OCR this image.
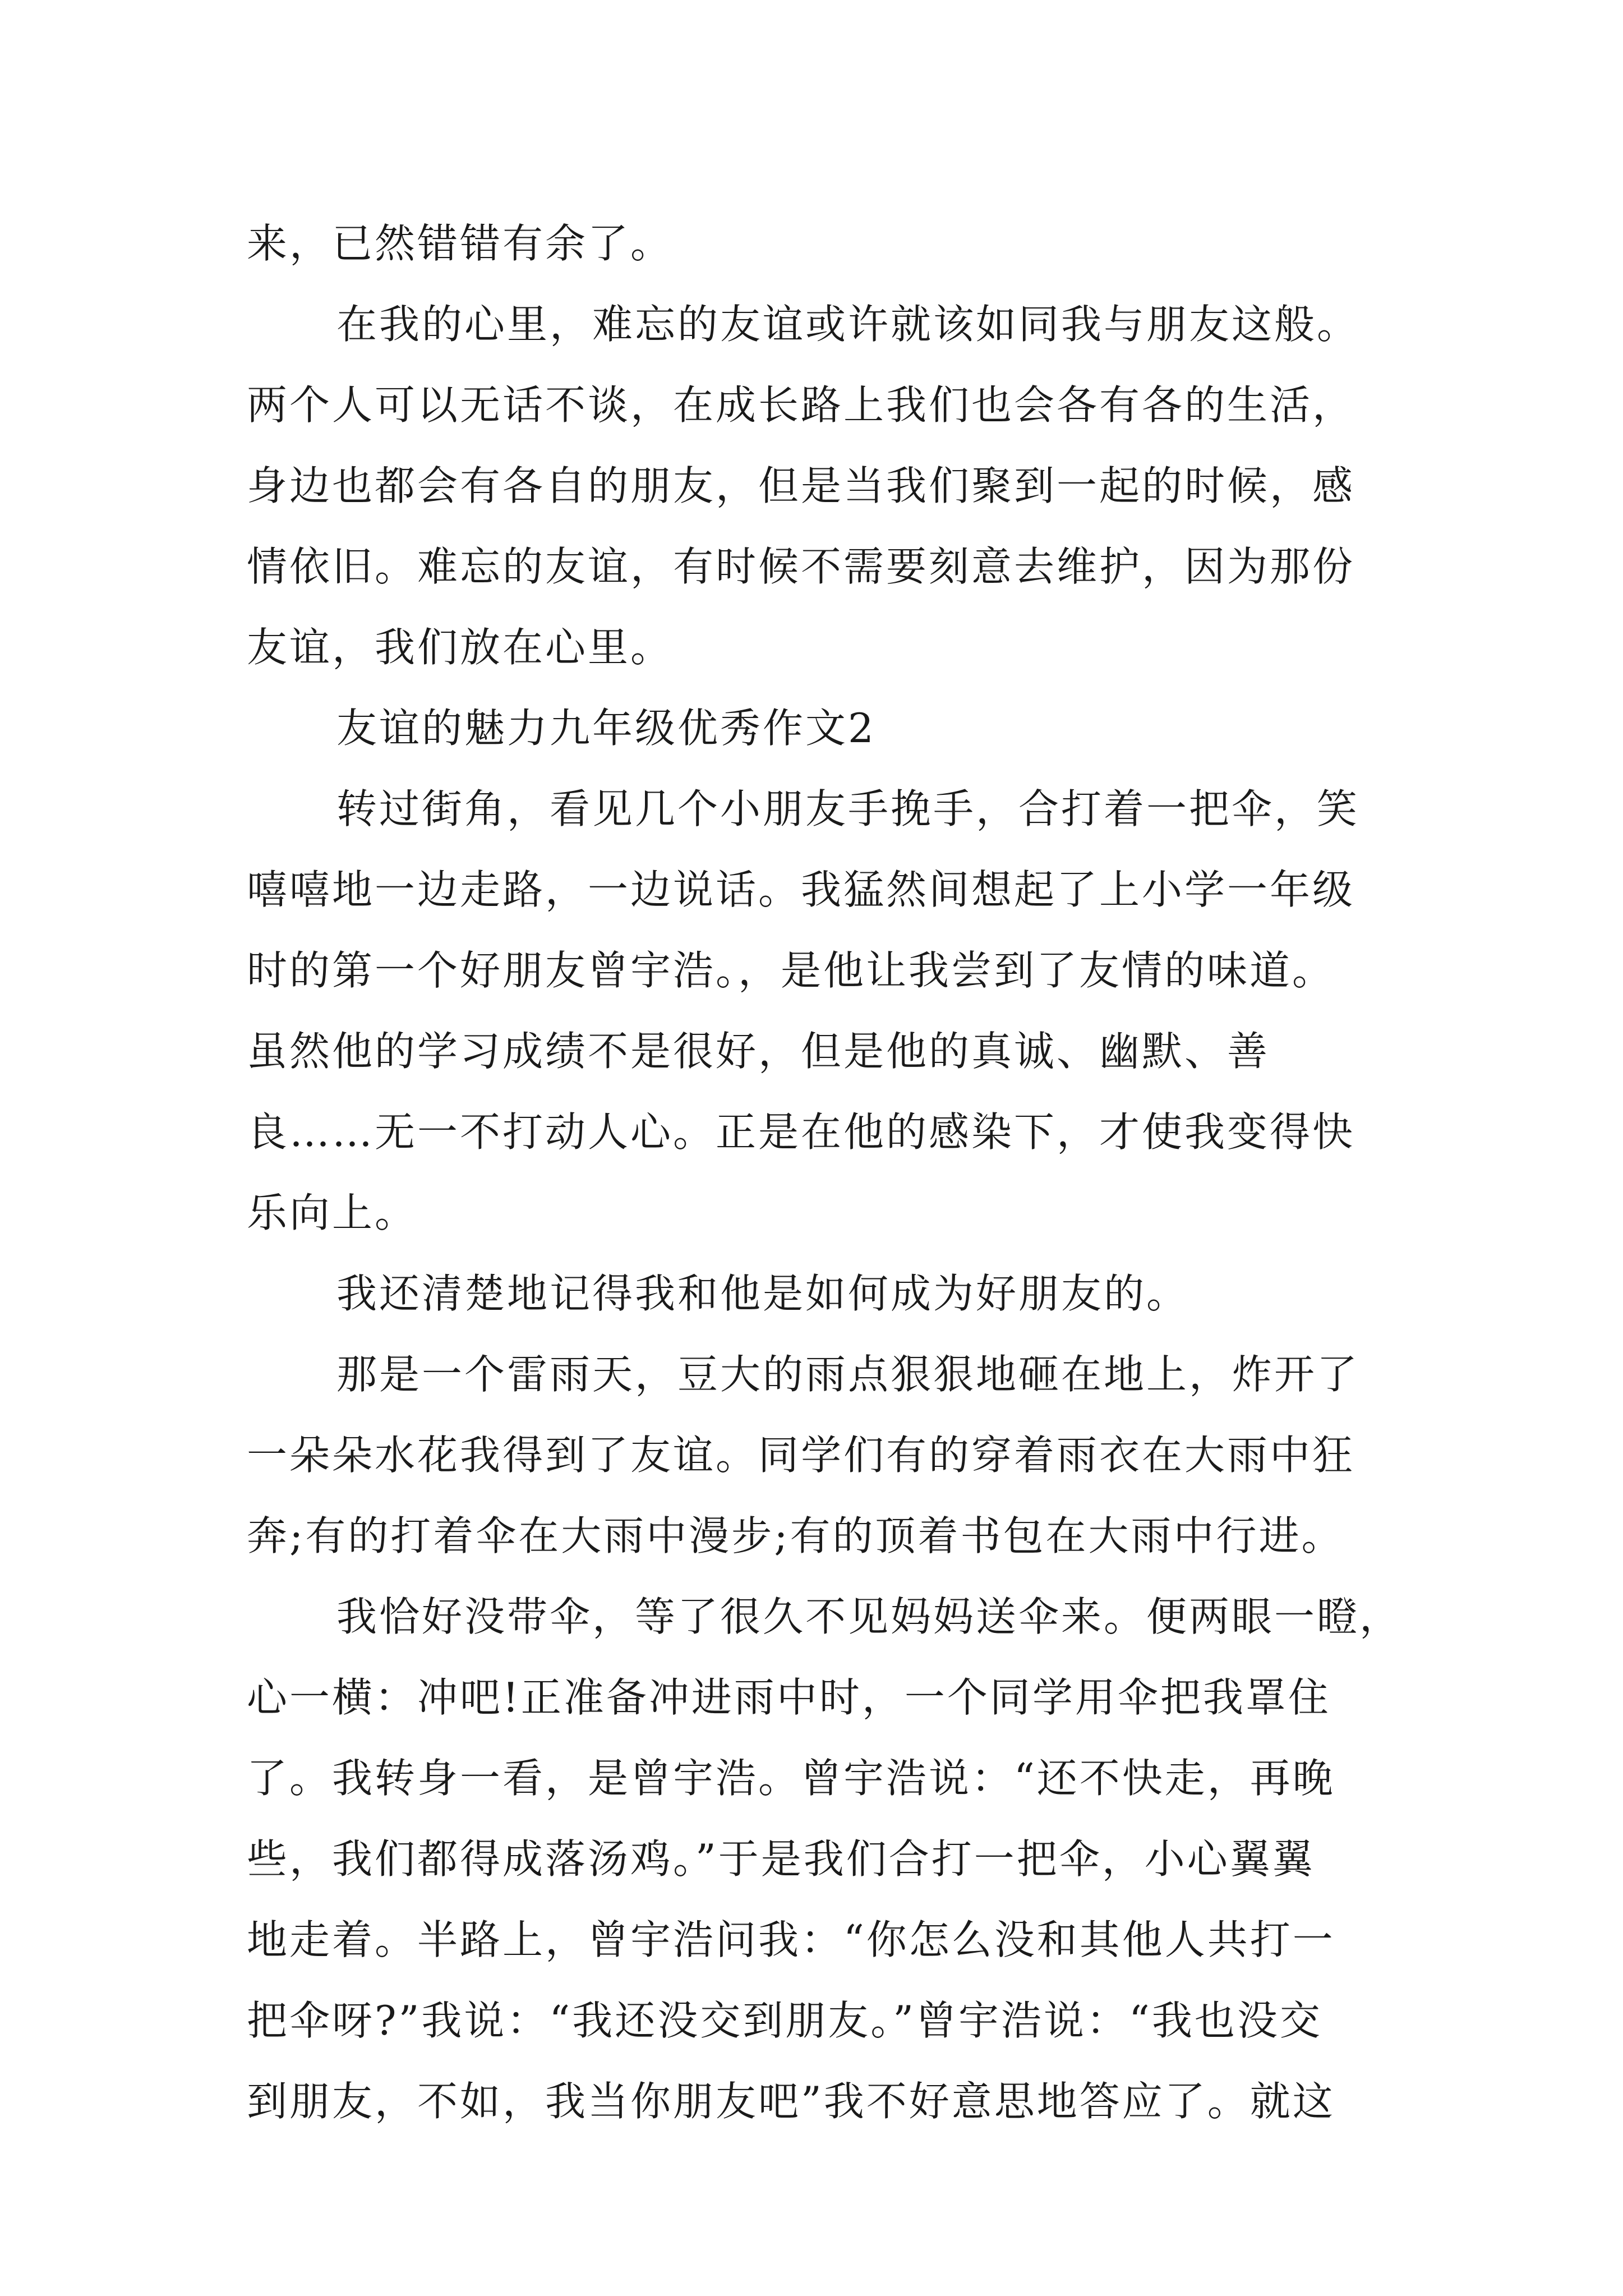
来，已然错错有余了。
在我的心里，难忘的友谊或许就该如同我与朋友这般。
两个人可以无话不谈，在成长路上我们也会各有各的生活，
身边也都会有各自的朋友，但是当我们聚到一起的时候，感
情依旧。难忘的友谊，有时候不需要刻意去维护，因为那份
友谊，我们放在心里。
友谊的魅力九年级优秀作文2
转过街角，看见几个小朋友手挽手，合打着一把伞，笑
嘻嘻地一边走路，一边说话。我猛然间想起了上小学一年级
时的第一个好朋友曾宇浩。，是他让我尝到了友情的味道。
虽然他的学习成绩不是很好，但是他的真诚、幽默、善
良……无一不打动人心。正是在他的感染下，才使我变得快
乐向上。
我还清楚地记得我和他是如何成为好朋友的。
那是一个雷雨天，豆大的雨点狠狠地砸在地上，炸开了
一朵朵水花我得到了友谊。同学们有的穿着雨衣在大雨中狂
奔;有的打着伞在大雨中漫步;有的顶着书包在大雨中行进。
我恰好没带伞，等了很久不见妈妈送伞来。便两眼一瞪，
心一横：冲吧!正准备冲进雨中时，一个同学用伞把我罩住
了。我转身一看，是曾宇浩。曾宇浩说：“还不快走，再晚
些，我们都得成落汤鸡。”于是我们合打一把伞，小心翼翼
地走着。半路上，曾宇浩问我：“你怎么没和其他人共打一
把伞呀?”我说：“我还没交到朋友。”曾宇浩说：“我也没交
到朋友，不如，我当你朋友吧”我不好意思地答应了。就这
